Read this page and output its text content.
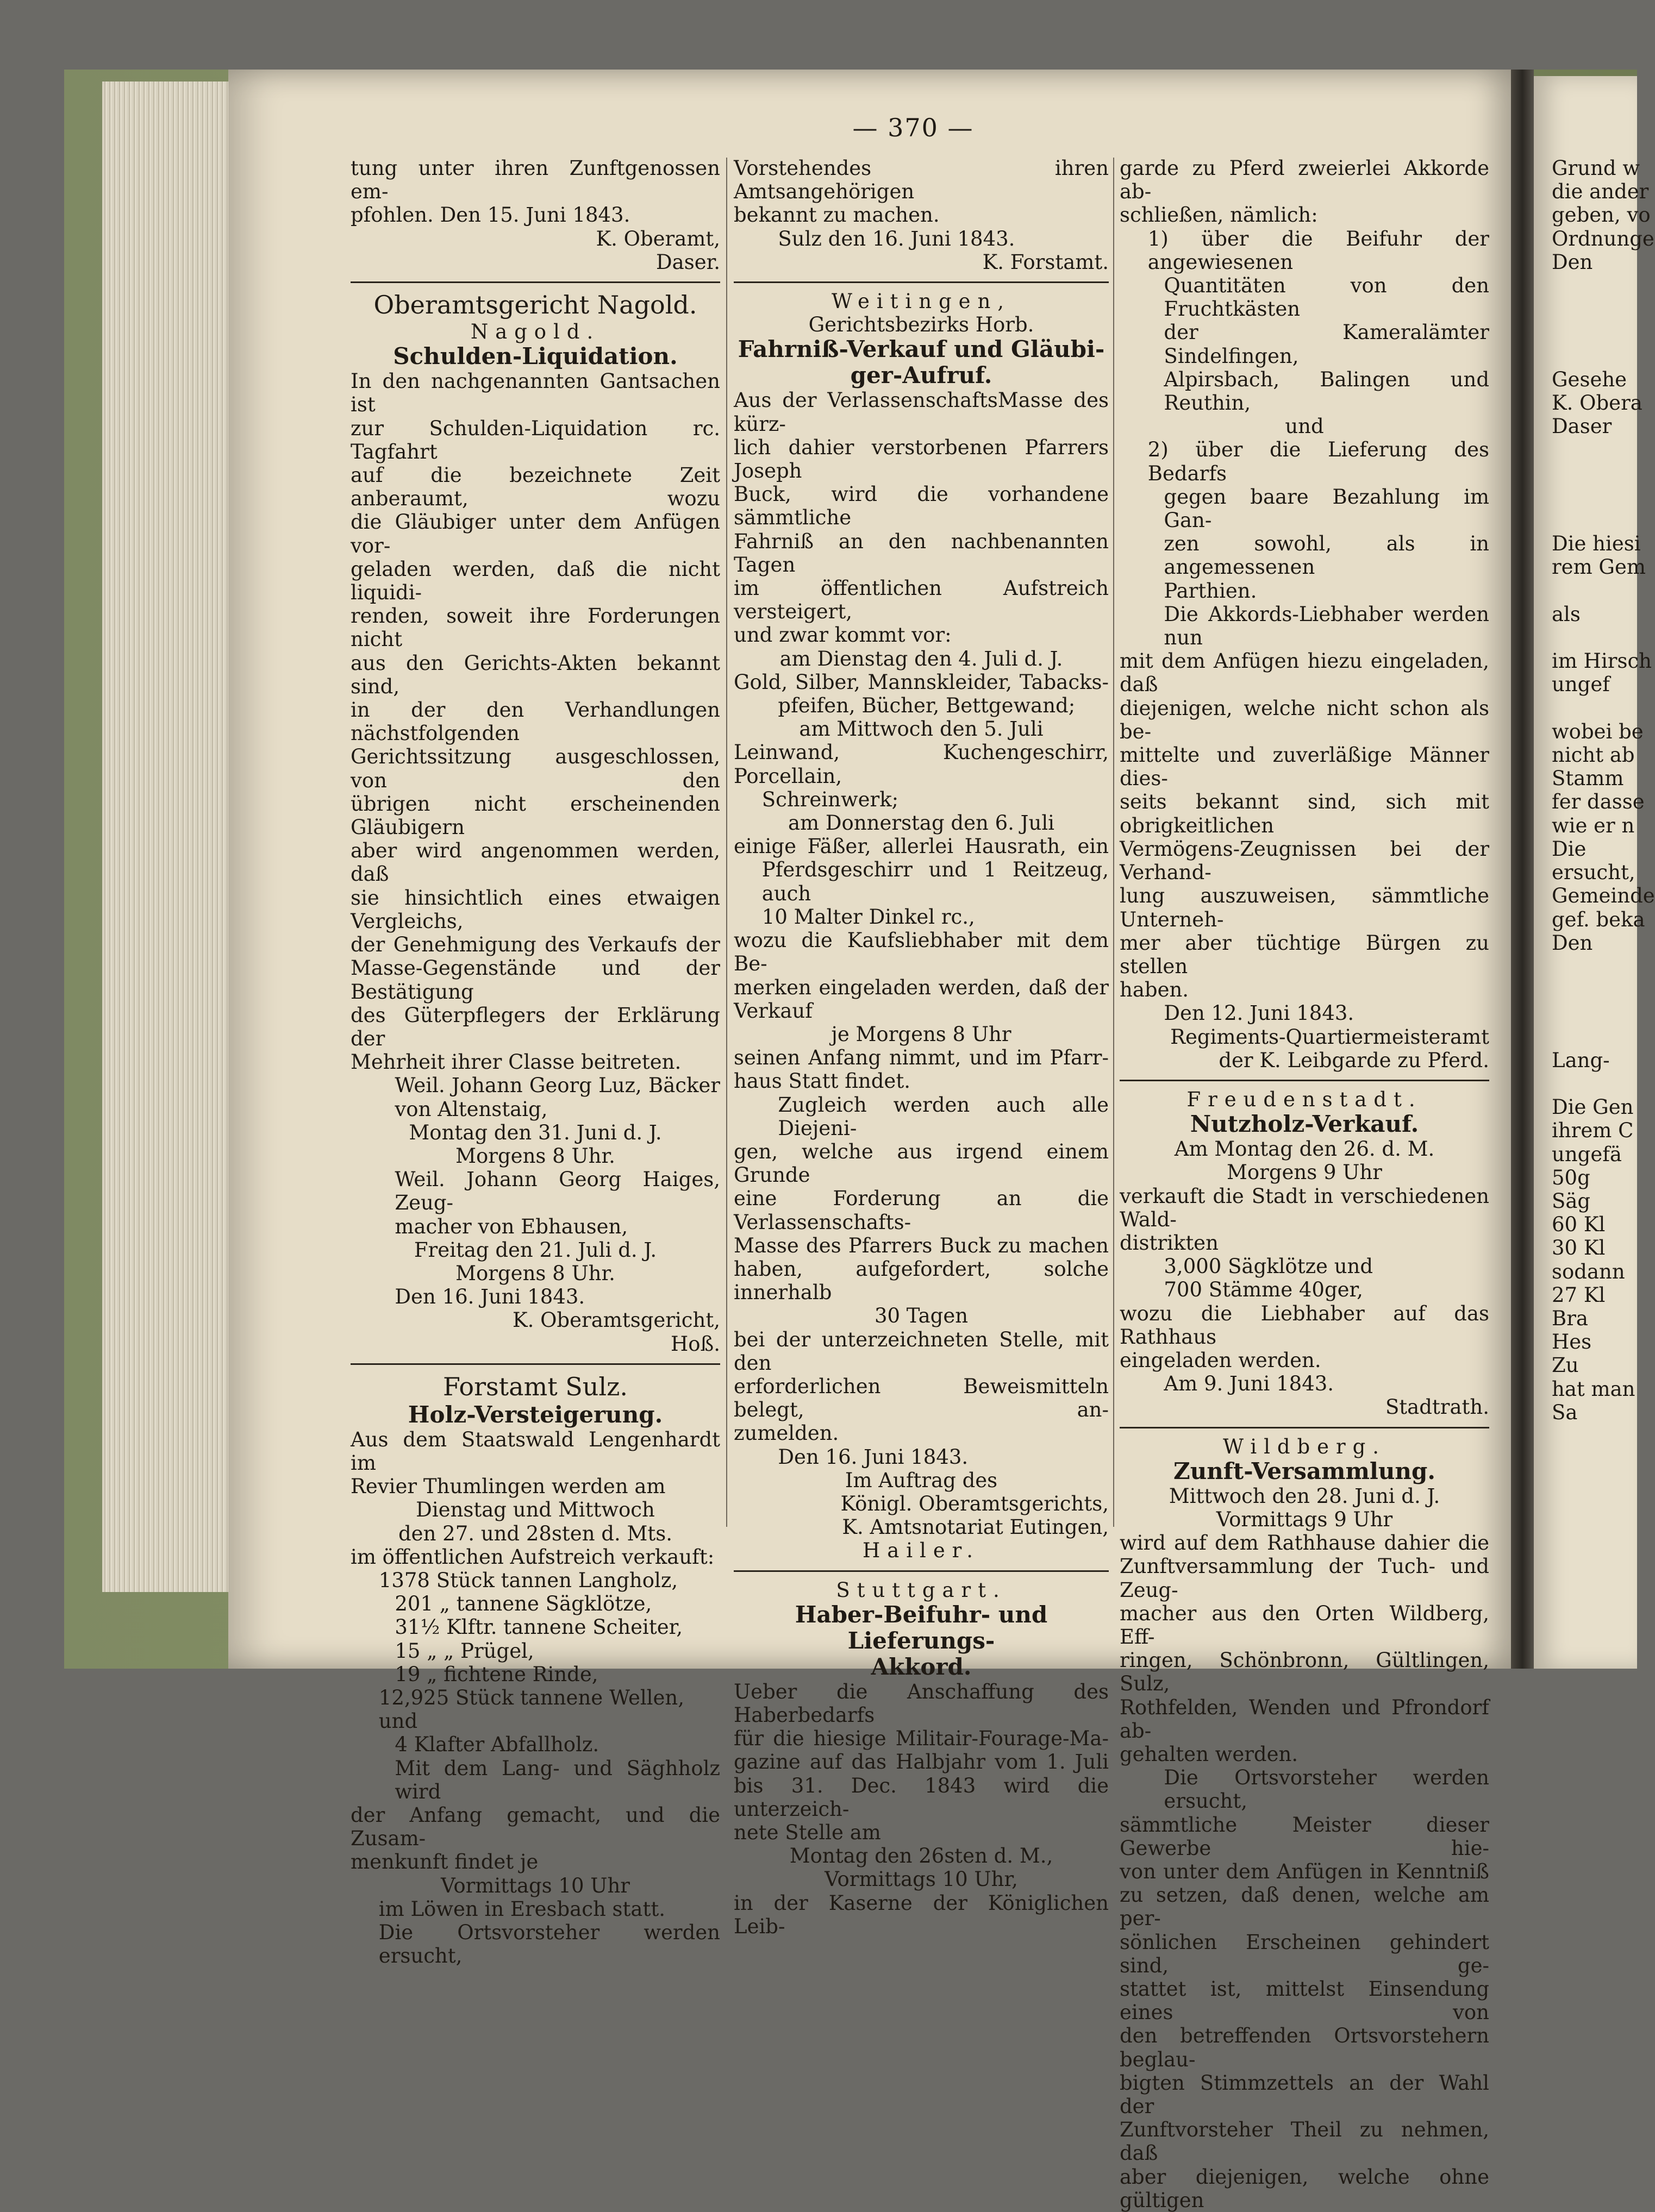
— 370 —

tung unter ihren Zunftgenossen em-

pfohlen. Den 15. Juni 1843.

K. Oberamt,

Daser.

Oberamtsgericht Nagold.

Nagold.

Schulden-Liquidation.

In den nachgenannten Gantsachen ist

zur Schulden-Liquidation rc. Tagfahrt

auf die bezeichnete Zeit anberaumt, wozu

die Gläubiger unter dem Anfügen vor-

geladen werden, daß die nicht liquidi-

renden, soweit ihre Forderungen nicht

aus den Gerichts-Akten bekannt sind,

in der den Verhandlungen nächstfolgenden

Gerichtssitzung ausgeschlossen, von den

übrigen nicht erscheinenden Gläubigern

aber wird angenommen werden, daß

sie hinsichtlich eines etwaigen Vergleichs,

der Genehmigung des Verkaufs der

Masse-Gegenstände und der Bestätigung

des Güterpflegers der Erklärung der

Mehrheit ihrer Classe beitreten.

Weil. Johann Georg Luz, Bäcker

von Altenstaig,

Montag den 31. Juni d. J.

Morgens 8 Uhr.

Weil. Johann Georg Haiges, Zeug-

macher von Ebhausen,

Freitag den 21. Juli d. J.

Morgens 8 Uhr.

Den 16. Juni 1843.

K. Oberamtsgericht,

Hoß.

Forstamt Sulz.

Holz-Versteigerung.

Aus dem Staatswald Lengenhardt im

Revier Thumlingen werden am

Dienstag und Mittwoch

den 27. und 28sten d. Mts.

im öffentlichen Aufstreich verkauft:

1378 Stück tannen Langholz,

201 „ tannene Sägklötze,

31½ Klftr. tannene Scheiter,

15 „ „ Prügel,

19 „ fichtene Rinde,

12,925 Stück tannene Wellen, und

4 Klafter Abfallholz.

Mit dem Lang- und Säghholz wird

der Anfang gemacht, und die Zusam-

menkunft findet je

Vormittags 10 Uhr

im Löwen in Eresbach statt.

Die Ortsvorsteher werden ersucht,

Vorstehendes ihren Amtsangehörigen

bekannt zu machen.

Sulz den 16. Juni 1843.

K. Forstamt.

Weitingen,

Gerichtsbezirks Horb.

Fahrniß-Verkauf und Gläubi-

ger-Aufruf.

Aus der VerlassenschaftsMasse des kürz-

lich dahier verstorbenen Pfarrers Joseph

Buck, wird die vorhandene sämmtliche

Fahrniß an den nachbenannten Tagen

im öffentlichen Aufstreich versteigert,

und zwar kommt vor:

am Dienstag den 4. Juli d. J.

Gold, Silber, Mannskleider, Tabacks-

pfeifen, Bücher, Bettgewand;

am Mittwoch den 5. Juli

Leinwand, Kuchengeschirr, Porcellain,

Schreinwerk;

am Donnerstag den 6. Juli

einige Fäßer, allerlei Hausrath, ein

Pferdsgeschirr und 1 Reitzeug, auch

10 Malter Dinkel rc.,

wozu die Kaufsliebhaber mit dem Be-

merken eingeladen werden, daß der

Verkauf

je Morgens 8 Uhr

seinen Anfang nimmt, und im Pfarr-

haus Statt findet.

Zugleich werden auch alle Diejeni-

gen, welche aus irgend einem Grunde

eine Forderung an die Verlassenschafts-

Masse des Pfarrers Buck zu machen

haben, aufgefordert, solche innerhalb

30 Tagen

bei der unterzeichneten Stelle, mit den

erforderlichen Beweismitteln belegt, an-

zumelden.

Den 16. Juni 1843.

Im Auftrag des

Königl. Oberamtsgerichts,

K. Amtsnotariat Eutingen,

Hailer.

Stuttgart.

Haber-Beifuhr- und Lieferungs-

Akkord.

Ueber die Anschaffung des Haberbedarfs

für die hiesige Militair-Fourage-Ma-

gazine auf das Halbjahr vom 1. Juli

bis 31. Dec. 1843 wird die unterzeich-

nete Stelle am

Montag den 26sten d. M.,

Vormittags 10 Uhr,

in der Kaserne der Königlichen Leib-

garde zu Pferd zweierlei Akkorde ab-

schließen, nämlich:

1) über die Beifuhr der angewiesenen

Quantitäten von den Fruchtkästen

der Kameralämter Sindelfingen,

Alpirsbach, Balingen und Reuthin,

und

2) über die Lieferung des Bedarfs

gegen baare Bezahlung im Gan-

zen sowohl, als in angemessenen

Parthien.

Die Akkords-Liebhaber werden nun

mit dem Anfügen hiezu eingeladen, daß

diejenigen, welche nicht schon als be-

mittelte und zuverläßige Männer dies-

seits bekannt sind, sich mit obrigkeitlichen

Vermögens-Zeugnissen bei der Verhand-

lung auszuweisen, sämmtliche Unterneh-

mer aber tüchtige Bürgen zu stellen

haben.

Den 12. Juni 1843.

Regiments-Quartiermeisteramt

der K. Leibgarde zu Pferd.

Freudenstadt.

Nutzholz-Verkauf.

Am Montag den 26. d. M.

Morgens 9 Uhr

verkauft die Stadt in verschiedenen Wald-

distrikten

3,000 Sägklötze und

700 Stämme 40ger,

wozu die Liebhaber auf das Rathhaus

eingeladen werden.

Am 9. Juni 1843.

Stadtrath.

Wildberg.

Zunft-Versammlung.

Mittwoch den 28. Juni d. J.

Vormittags 9 Uhr

wird auf dem Rathhause dahier die

Zunftversammlung der Tuch- und Zeug-

macher aus den Orten Wildberg, Eff-

ringen, Schönbronn, Gültlingen, Sulz,

Rothfelden, Wenden und Pfrondorf ab-

gehalten werden.

Die Ortsvorsteher werden ersucht,

sämmtliche Meister dieser Gewerbe hie-

von unter dem Anfügen in Kenntniß

zu setzen, daß denen, welche am per-

sönlichen Erscheinen gehindert sind, ge-

stattet ist, mittelst Einsendung eines von

den betreffenden Ortsvorstehern beglau-

bigten Stimmzettels an der Wahl der

Zunftvorsteher Theil zu nehmen, daß

aber diejenigen, welche ohne gültigen

Grund w

die ander

geben, vo

Ordnunge

Den

Gesehe

K. Obera

Daser

Die hiesi

rem Gem

als

im Hirsch

ungef

wobei be

nicht ab

Stamm

fer dasse

wie er n

Die

ersucht,

Gemeinde

gef. beka

Den

Lang-

Die Gen

ihrem C

ungefä

50g

Säg

60 Kl

30 Kl

sodann

27 Kl

Bra

Hes

Zu

hat man

Sa
